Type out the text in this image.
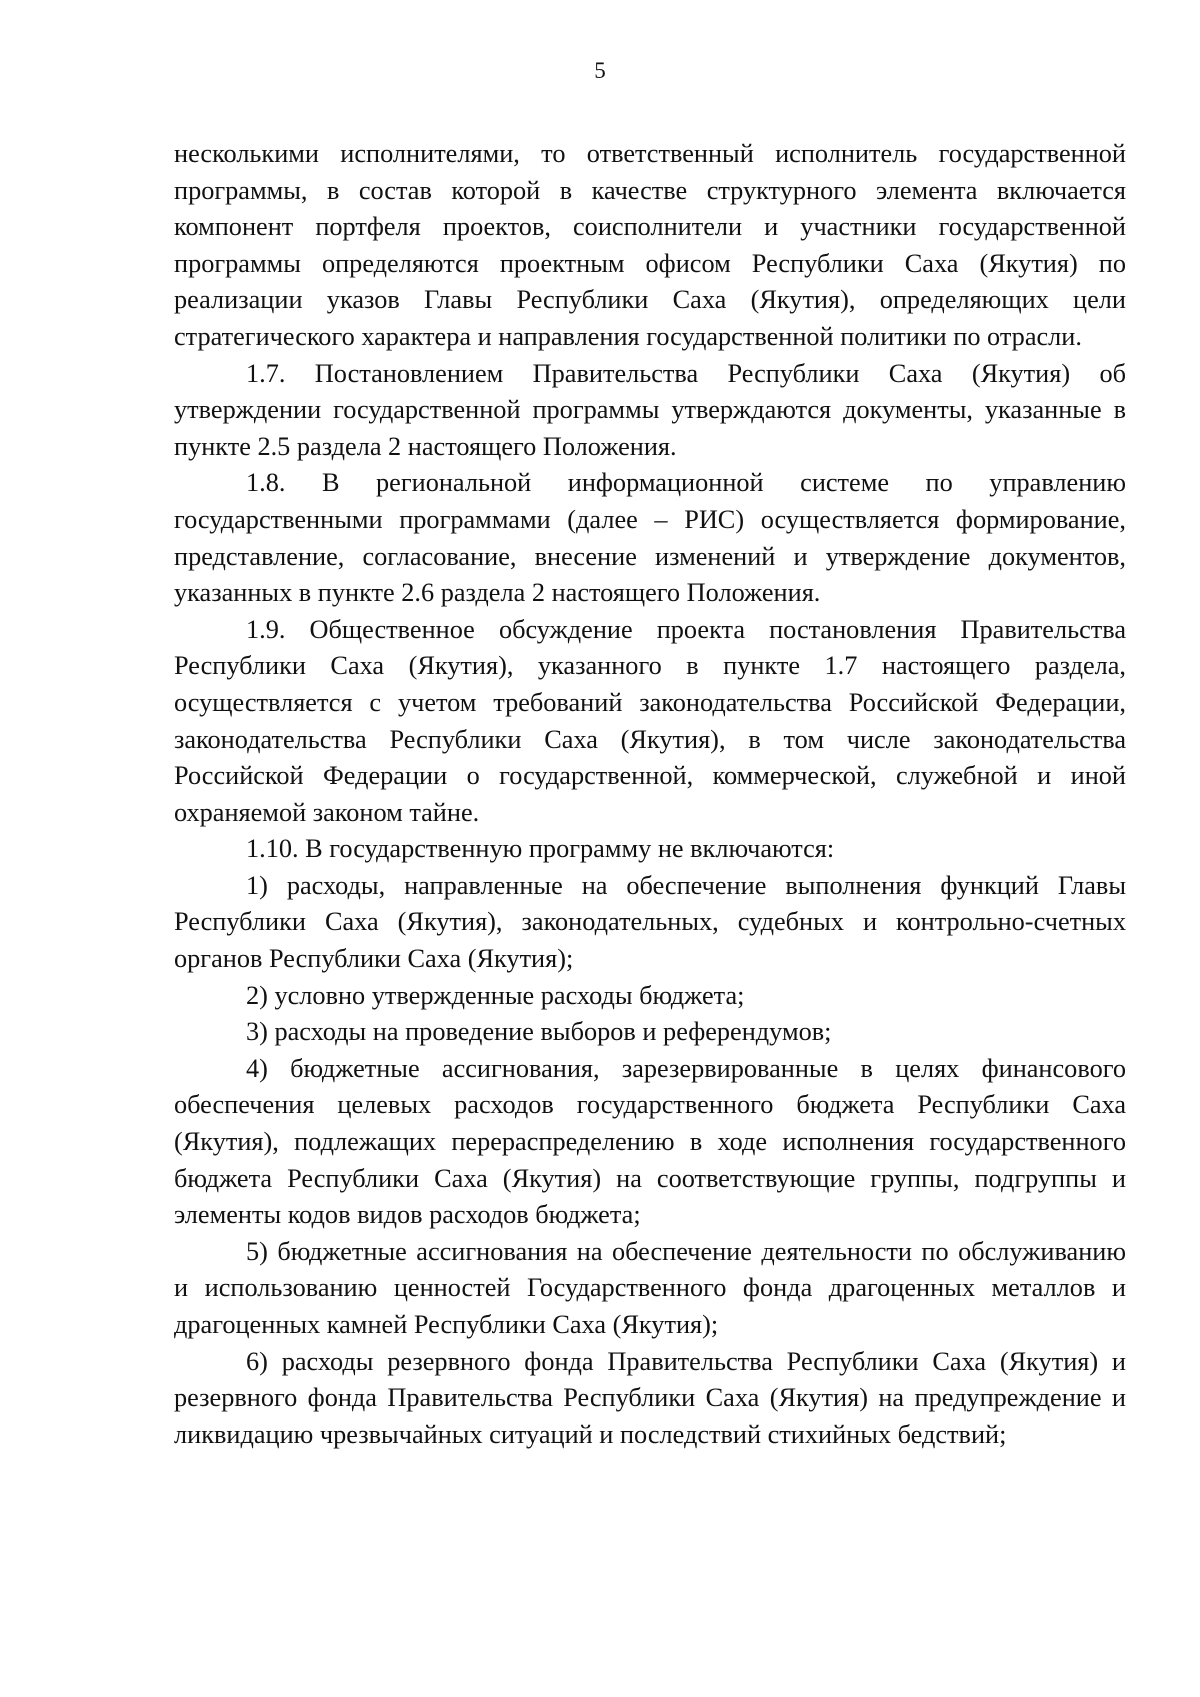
5

несколькими исполнителями, то ответственный исполнитель государственной программы, в состав которой в качестве структурного элемента включается компонент портфеля проектов, соисполнители и участники государственной программы определяются проектным офисом Республики Саха (Якутия) по реализации указов Главы Республики Саха (Якутия), определяющих цели стратегического характера и направления государственной политики по отрасли.

1.7. Постановлением Правительства Республики Саха (Якутия) об утверждении государственной программы утверждаются документы, указанные в пункте 2.5 раздела 2 настоящего Положения.

1.8. В региональной информационной системе по управлению государственными программами (далее – РИС) осуществляется формирование, представление, согласование, внесение изменений и утверждение документов, указанных в пункте 2.6 раздела 2 настоящего Положения.

1.9. Общественное обсуждение проекта постановления Правительства Республики Саха (Якутия), указанного в пункте 1.7 настоящего раздела, осуществляется с учетом требований законодательства Российской Федерации, законодательства Республики Саха (Якутия), в том числе законодательства Российской Федерации о государственной, коммерческой, служебной и иной охраняемой законом тайне.

1.10. В государственную программу не включаются:

1) расходы, направленные на обеспечение выполнения функций Главы Республики Саха (Якутия), законодательных, судебных и контрольно-счетных органов Республики Саха (Якутия);

2) условно утвержденные расходы бюджета;

3) расходы на проведение выборов и референдумов;

4) бюджетные ассигнования, зарезервированные в целях финансового обеспечения целевых расходов государственного бюджета Республики Саха (Якутия), подлежащих перераспределению в ходе исполнения государственного бюджета Республики Саха (Якутия) на соответствующие группы, подгруппы и элементы кодов видов расходов бюджета;

5) бюджетные ассигнования на обеспечение деятельности по обслуживанию и использованию ценностей Государственного фонда драгоценных металлов и драгоценных камней Республики Саха (Якутия);

6) расходы резервного фонда Правительства Республики Саха (Якутия) и резервного фонда Правительства Республики Саха (Якутия) на предупреждение и ликвидацию чрезвычайных ситуаций и последствий стихийных бедствий;
